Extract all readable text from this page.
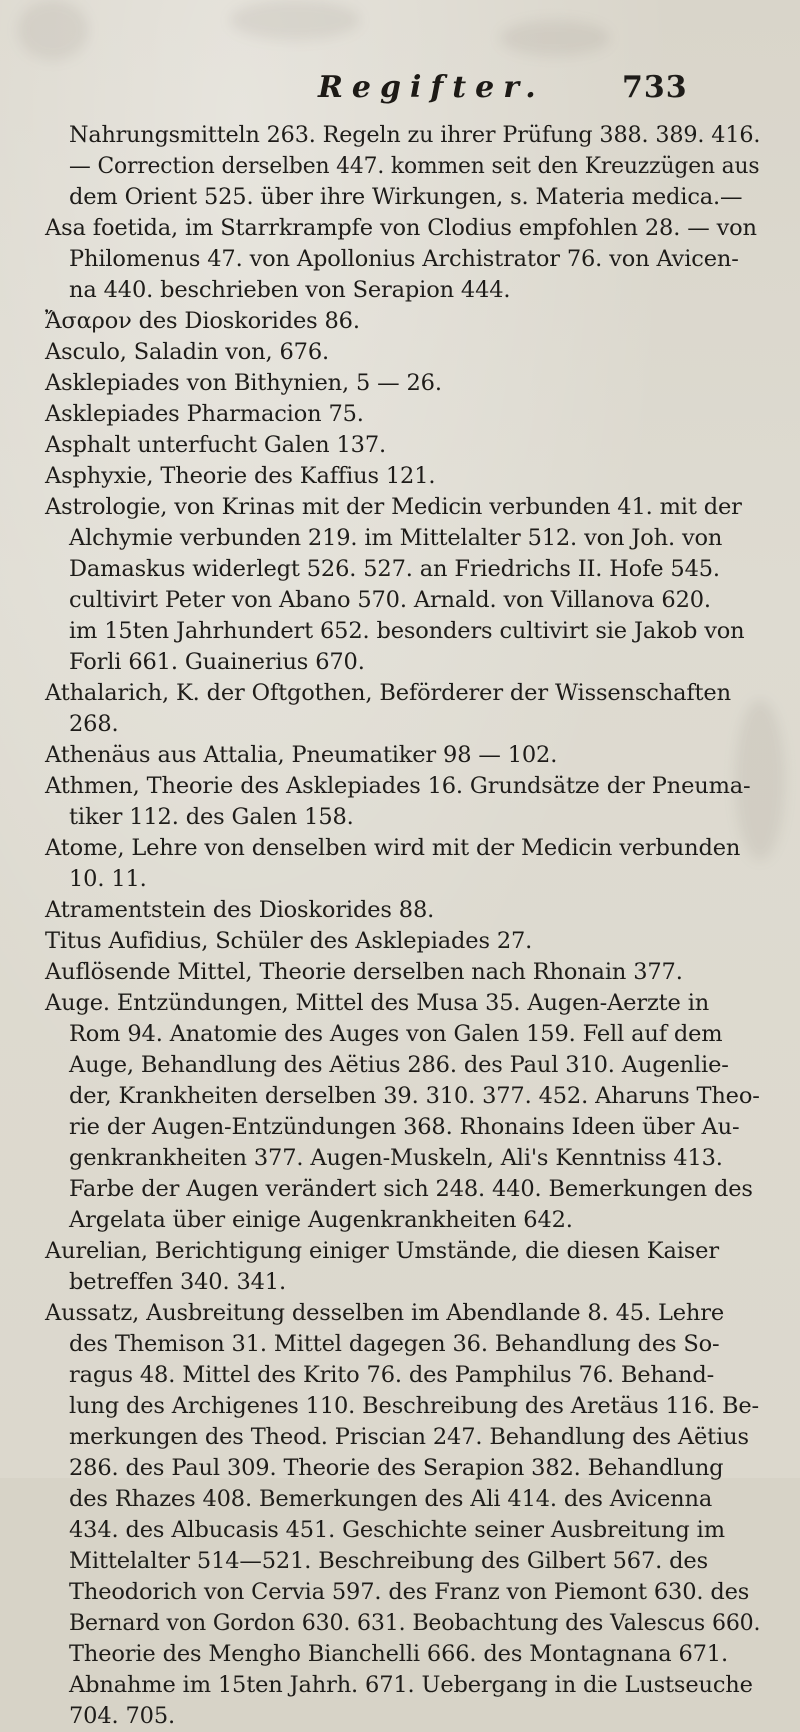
Regifter.	733
Nahrungsmitteln 263. Regeln zu ihrer Prüfung 388. 389. 416.
— Correction derselben 447. kommen seit den Kreuzzügen aus
dem Orient 525. über ihre Wirkungen, s. Materia medica.—
Asa foetida, im Starrkrampfe von Clodius empfohlen 28. — von
Philomenus 47. von Apollonius Archistrator 76. von Avicen-
na 440. beschrieben von Serapion 444.
Ἄσαρον des Dioskorides 86.
Asculo, Saladin von, 676.
Asklepiades von Bithynien, 5 — 26.
Asklepiades Pharmacion 75.
Asphalt unterfucht Galen 137.
Asphyxie, Theorie des Kaffius 121.
Astrologie, von Krinas mit der Medicin verbunden 41. mit der
Alchymie verbunden 219. im Mittelalter 512. von Joh. von
Damaskus widerlegt 526. 527. an Friedrichs II. Hofe 545.
cultivirt Peter von Abano 570. Arnald. von Villanova 620.
im 15ten Jahrhundert 652. besonders cultivirt sie Jakob von
Forli 661. Guainerius 670.
Athalarich, K. der Oftgothen, Beförderer der Wissenschaften
268.
Athenäus aus Attalia, Pneumatiker 98 — 102.
Athmen, Theorie des Asklepiades 16. Grundsätze der Pneuma-
tiker 112. des Galen 158.
Atome, Lehre von denselben wird mit der Medicin verbunden
10. 11.
Atramentstein des Dioskorides 88.
Titus Aufidius, Schüler des Asklepiades 27.
Auflösende Mittel, Theorie derselben nach Rhonain 377.
Auge. Entzündungen, Mittel des Musa 35. Augen-Aerzte in
Rom 94. Anatomie des Auges von Galen 159. Fell auf dem
Auge, Behandlung des Aëtius 286. des Paul 310. Augenlie-
der, Krankheiten derselben 39. 310. 377. 452. Aharuns Theo-
rie der Augen-Entzündungen 368. Rhonains Ideen über Au-
genkrankheiten 377. Augen-Muskeln, Ali's Kenntniss 413.
Farbe der Augen verändert sich 248. 440. Bemerkungen des
Argelata über einige Augenkrankheiten 642.
Aurelian, Berichtigung einiger Umstände, die diesen Kaiser
betreffen 340. 341.
Aussatz, Ausbreitung desselben im Abendlande 8. 45. Lehre
des Themison 31. Mittel dagegen 36. Behandlung des So-
ragus 48. Mittel des Krito 76. des Pamphilus 76. Behand-
lung des Archigenes 110. Beschreibung des Aretäus 116. Be-
merkungen des Theod. Priscian 247. Behandlung des Aëtius
286. des Paul 309. Theorie des Serapion 382. Behandlung
des Rhazes 408. Bemerkungen des Ali 414. des Avicenna
434. des Albucasis 451. Geschichte seiner Ausbreitung im
Mittelalter 514—521. Beschreibung des Gilbert 567. des
Theodorich von Cervia 597. des Franz von Piemont 630. des
Bernard von Gordon 630. 631. Beobachtung des Valescus 660.
Theorie des Mengho Bianchelli 666. des Montagnana 671.
Abnahme im 15ten Jahrh. 671. Uebergang in die Lustseuche
704. 705.
